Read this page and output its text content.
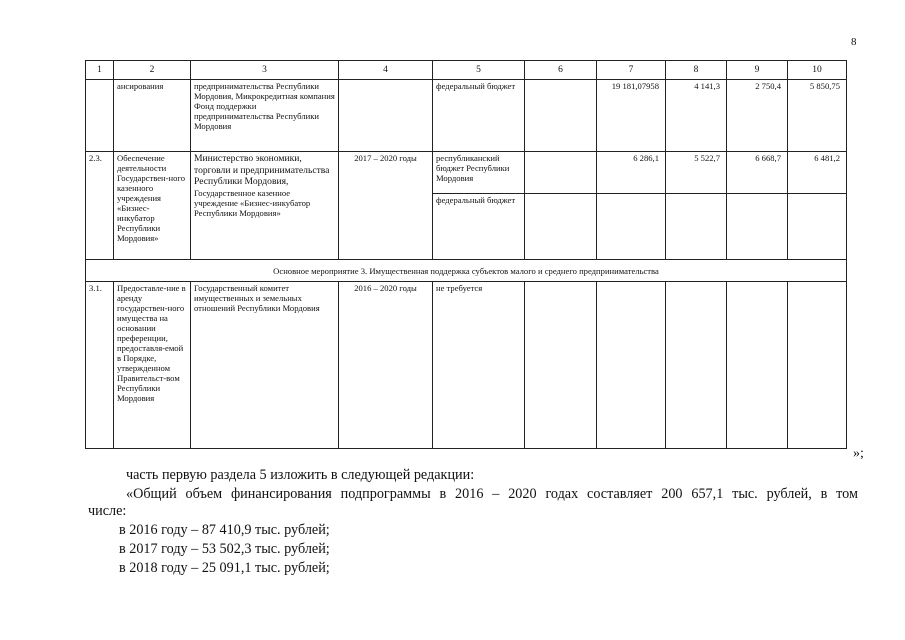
8
1	2	3	4	5	6	7	8	9	10
	ансирования	предпринимательства Республики Мордовия, Микрокредитная компания Фонд поддержки предпринимательства Республики Мордовия		федеральный бюджет		19 181,07958	4 141,3	2 750,4	5 850,75
2.3.	Обеспечение деятельности Государствен-ного казенного учреждения «Бизнес-инкубатор Республики Мордовия»	Министерство экономики, торговли и предпринимательства Республики Мордовия,
Государственное казенное учреждение «Бизнес-инкубатор Республики Мордовия»	2017 – 2020 годы	республиканский бюджет Республики Мордовия		6 286,1	5 522,7	6 668,7	6 481,2
				федеральный бюджет					
Основное мероприятие 3. Имущественная поддержка субъектов малого и среднего предпринимательства									
3.1.	Предоставле-ние в аренду государствен-ного имущества на основании преференции, предоставля-емой в Порядке, утвержденном Правительст-вом Республики Мордовия	Государственный комитет имущественных и земельных отношений Республики Мордовия	2016 – 2020 годы	не требуется					
»;
часть первую раздела 5 изложить в следующей редакции:
«Общий объем финансирования подпрограммы в 2016 – 2020 годах составляет 200 657,1 тыс. рублей, в том
числе:
в 2016 году – 87 410,9 тыс. рублей;
в 2017 году – 53 502,3 тыс. рублей;
в 2018 году – 25 091,1 тыс. рублей;
